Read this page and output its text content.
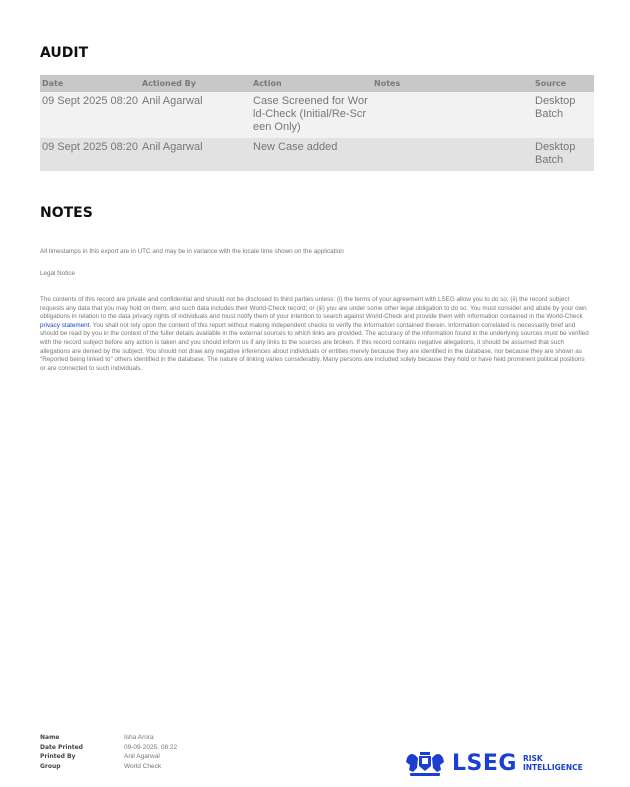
AUDIT
Date	Actioned By	Action	Notes	Source
09 Sept 2025 08:20	Anil Agarwal	Case Screened for World-Check (Initial/Re-Screen Only)		Desktop Batch
09 Sept 2025 08:20	Anil Agarwal	New Case added		Desktop Batch
NOTES
All timestamps in this export are in UTC and may be in variance with the locale time shown on the application
Legal Notice
The contents of this record are private and confidential and should not be disclosed to third parties unless: (i) the terms of your agreement with LSEG allow you to do so; (ii) the record subject requests any data that you may hold on them, and such data includes their World-Check record; or (iii) you are under some other legal obligation to do so. You must consider and abide by your own obligations in relation to the data privacy rights of individuals and must notify them of your intention to search against World-Check and provide them with information contained in the World-Check privacy statement. You shall not rely upon the content of this report without making independent checks to verify the information contained therein. Information correlated is necessarily brief and should be read by you in the context of the fuller details available in the external sources to which links are provided. The accuracy of the information found in the underlying sources must be verified with the record subject before any action is taken and you should inform us if any links to the sources are broken. If this record contains negative allegations, it should be assumed that such allegations are denied by the subject. You should not draw any negative inferences about individuals or entities merely because they are identified in the database, nor because they are shown as "Reported being linked to" others identified in the database. The nature of linking varies considerably. Many persons are included solely because they hold or have held prominent political positions or are connected to such individuals.
Name	Isha Arora
Date Printed	09-09-2025, 08:22
Printed By	Anil Agarwal
Group	World Check	LSEG RISK
INTELLIGENCE
